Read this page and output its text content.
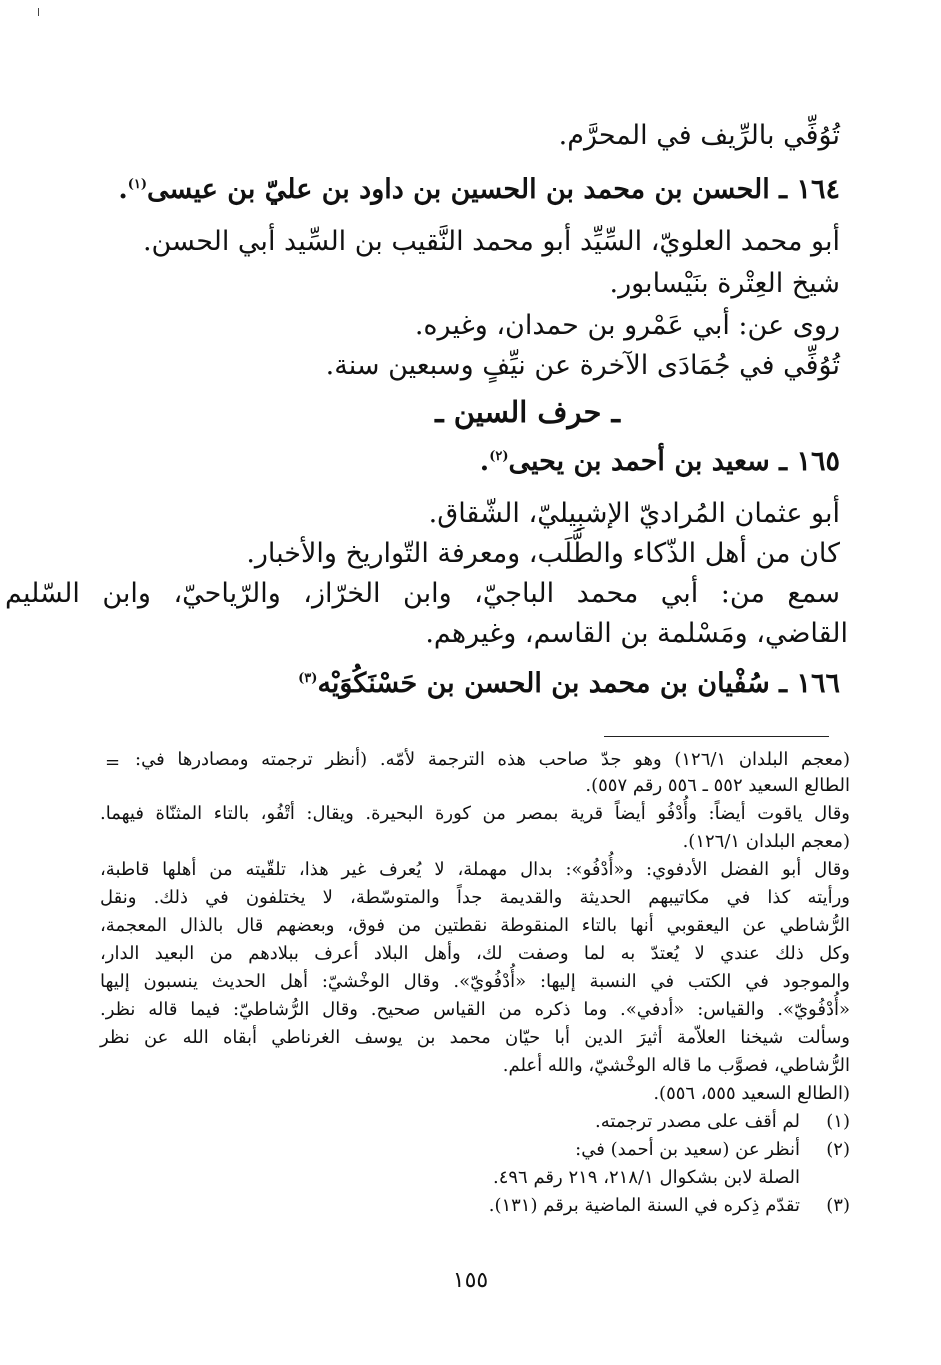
تُوُفِّي بالرِّيف في المحرَّم.
١٦٤ ـ الحسن بن محمد بن الحسين بن داود بن عليّ بن عيسى$^{(١)}$.
أبو محمد العلويّ، السِّيِّد أبو محمد النَّقيب بن السِّيد أبي الحسن.
شيخ العِتْرة بنَيْسابور.
روى عن: أبي عَمْرو بن حمدان، وغيره.
تُوُفِّي في جُمَادَى الآخرة عن نيِّفٍ وسبعين سنة.
ـ حرف السين ـ
١٦٥ ـ سعيد بن أحمد بن يحيى$^{(٢)}$.
أبو عثمان المُراديّ الإشبِيليّ، الشّقاق.
كان من أهل الذّكاء والطَّلَب، ومعرفة التّواريخ والأخبار.
سمع من: أبي محمد الباجيّ، وابن الخرّاز، والرّياحيّ، وابن السّليم
القاضي، ومَسْلمة بن القاسم، وغيرهم.
١٦٦ ـ سُفْيان بن محمد بن الحسن بن حَسْنَكُوَيْه$^{(٣)}$
= (معجم البلدان ١٢٦/١) وهو جدّ صاحب هذه الترجمة لأمّه. (أنظر ترجمته ومصادرها في:
الطالع السعيد ٥٥٢ ـ ٥٥٦ رقم ٥٥٧).
وقال ياقوت أيضاً: وأُدْفُو أيضاً قرية بمصر من كورة البحيرة. ويقال: أتْفُو، بالتاء المثنّاة فيهما.
(معجم البلدان ١٢٦/١).
وقال أبو الفضل الأدفوي: و«أُدْفُو»: بدال مهملة، لا يُعرف غير هذا، تلقّيته من أهلها قاطبة،
ورأيته كذا في مكاتيبهم الحديثة والقديمة جداً والمتوسّطة، لا يختلفون في ذلك. ونقل
الرُّشاطي عن اليعقوبي أنها بالتاء المنقوطة نقطتين من فوق، وبعضهم قال بالذال المعجمة،
وكل ذلك عندي لا يُعتدّ به لما وصفت لك، وأهل البلاد أعرف ببلادهم من البعيد الدار،
والموجود في الكتب في النسبة إليها: «أُدْفُويّ». وقال الوخْشيّ: أهل الحديث ينسبون إليها
«أُدْفُويّ». والقياس: «أدفي». وما ذكره من القياس صحيح. وقال الرُّشاطيّ: فيما قاله نظر.
وسألت شيخنا العلاّمة أثيرَ الدين أبا حيّان محمد بن يوسف الغرناطي أبقاه الله عن نظر
الرُّشاطي، فصوَّب ما قاله الوخْشيّ، والله أعلم.
(الطالع السعيد ٥٥٥، ٥٥٦).
(١)
لم أقف على مصدر ترجمته.
(٢)
أنظر عن (سعيد بن أحمد) في:
الصلة لابن بشكوال ٢١٨/١، ٢١٩ رقم ٤٩٦.
(٣)
تقدّم ذِكره في السنة الماضية برقم (١٣١).
١٥٥
